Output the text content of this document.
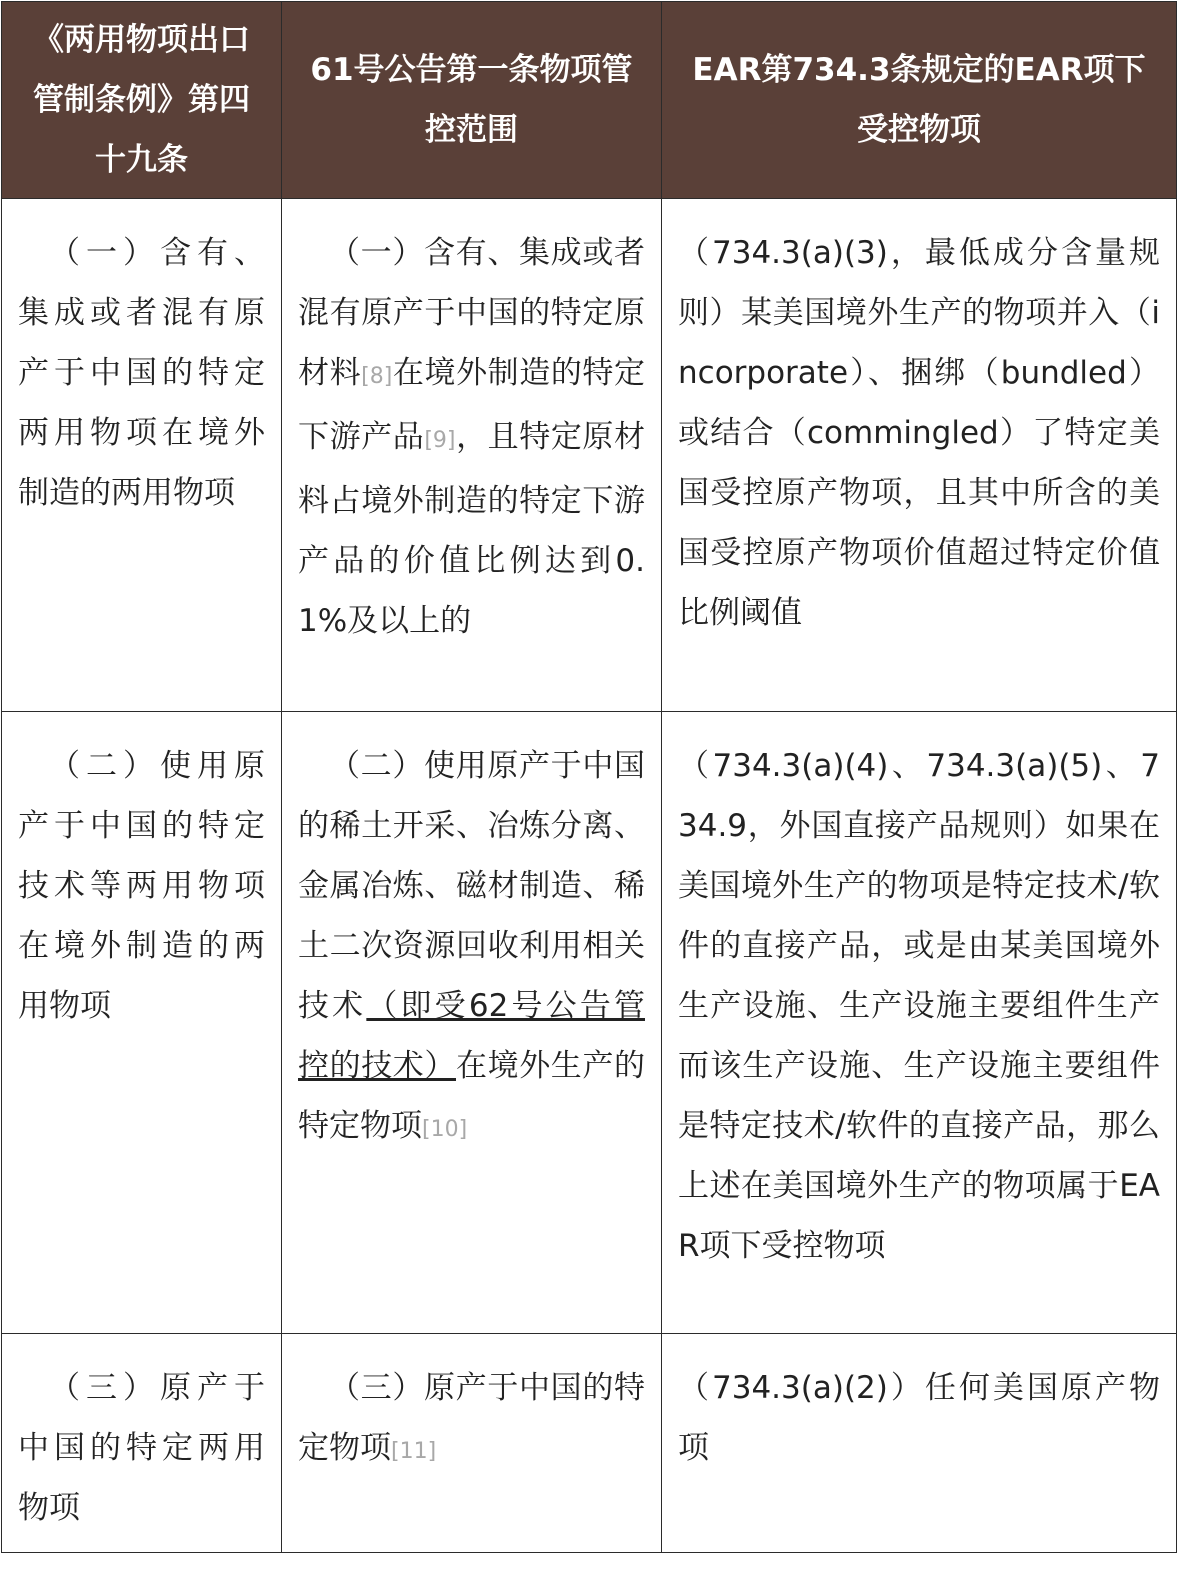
《两用物项出口管制条例》第四十九条	61号公告第一条物项管控范围	EAR第734.3条规定的EAR项下受控物项

（一）含有、集成或者混有原产于中国的特定两用物项在境外制造的两用物项	（一）含有、集成或者混有原产于中国的特定原材料[8]在境外制造的特定下游产品[9]，且特定原材料占境外制造的特定下游产品的价值比例达到0.1%及以上的	（734.3(a)(3)，最低成分含量规则）某美国境外生产的物项并入（incorporate）、捆绑（bundled）或结合（commingled）了特定美国受控原产物项，且其中所含的美国受控原产物项价值超过特定价值比例阈值

（二）使用原产于中国的特定技术等两用物项在境外制造的两用物项	（二）使用原产于中国的稀土开采、冶炼分离、金属冶炼、磁材制造、稀土二次资源回收利用相关技术（即受62号公告管控的技术）在境外生产的特定物项[10]	（734.3(a)(4)、734.3(a)(5)、734.9，外国直接产品规则）如果在美国境外生产的物项是特定技术/软件的直接产品，或是由某美国境外生产设施、生产设施主要组件生产而该生产设施、生产设施主要组件是特定技术/软件的直接产品，那么上述在美国境外生产的物项属于EAR项下受控物项

（三）原产于中国的特定两用物项	（三）原产于中国的特定物项[11]	（734.3(a)(2)）任何美国原产物项
